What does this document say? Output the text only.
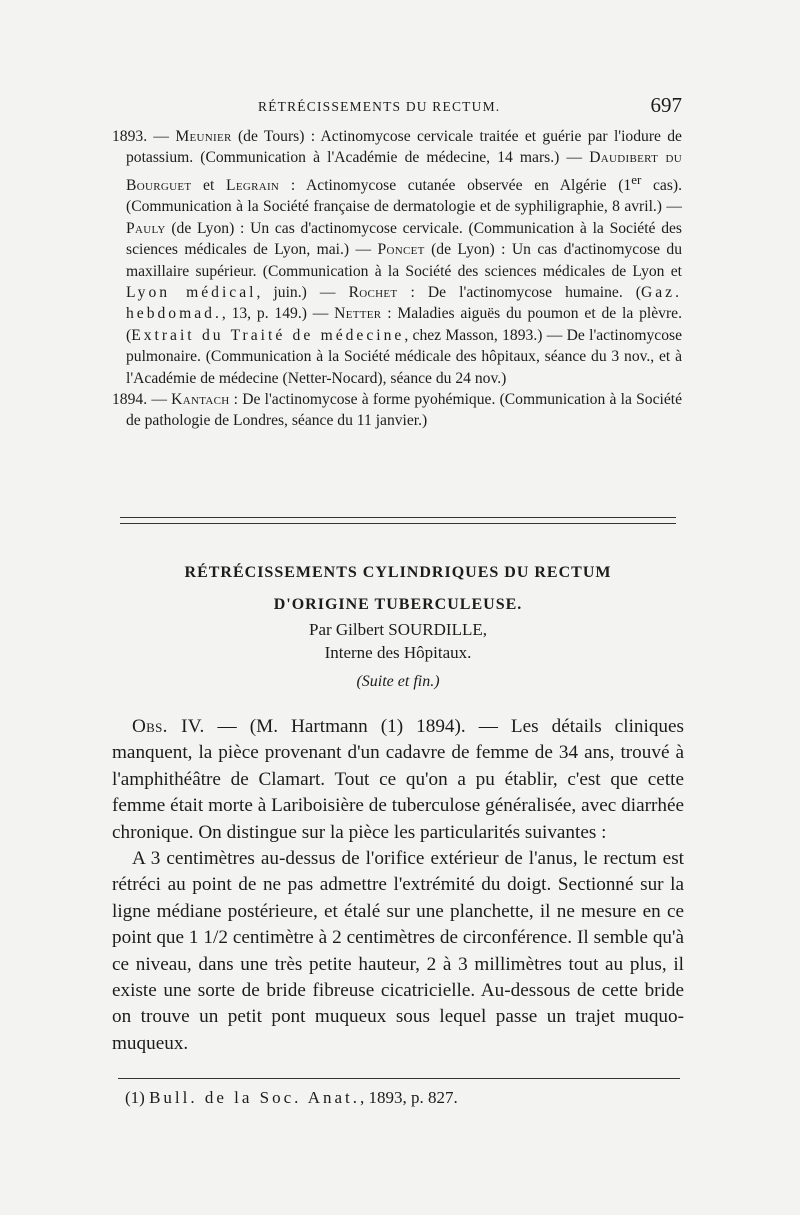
RÉTRÉCISSEMENTS DU RECTUM.	697

1893. — Meunier (de Tours) : Actinomycose cervicale traitée et guérie par l'iodure de potassium. (Communication à l'Académie de médecine, 14 mars.) — Daudibert du Bourguet et Legrain : Actinomycose cutanée observée en Algérie (1er cas). (Communication à la Société française de dermatologie et de syphiligraphie, 8 avril.) — Pauly (de Lyon) : Un cas d'actinomycose cervicale. (Communication à la Société des sciences médicales de Lyon, mai.) — Poncet (de Lyon) : Un cas d'actinomycose du maxillaire supérieur. (Communication à la Société des sciences médicales de Lyon et Lyon médical, juin.) — Rochet : De l'actinomycose humaine. (Gaz. hebdomad., 13, p. 149.) — Netter : Maladies aiguës du poumon et de la plèvre. (Extrait du Traité de médecine, chez Masson, 1893.) — De l'actinomycose pulmonaire. (Communication à la Société médicale des hôpitaux, séance du 3 nov., et à l'Académie de médecine (Netter-Nocard), séance du 24 nov.)

1894. — Kantach : De l'actinomycose à forme pyohémique. (Communication à la Société de pathologie de Londres, séance du 11 janvier.)

RÉTRÉCISSEMENTS CYLINDRIQUES DU RECTUM

D'ORIGINE TUBERCULEUSE.

Par Gilbert SOURDILLE,

Interne des Hôpitaux.

(Suite et fin.)

Obs. IV. — (M. Hartmann (1) 1894). — Les détails cliniques manquent, la pièce provenant d'un cadavre de femme de 34 ans, trouvé à l'amphithéâtre de Clamart. Tout ce qu'on a pu établir, c'est que cette femme était morte à Lariboisière de tuberculose généralisée, avec diarrhée chronique. On distingue sur la pièce les particularités suivantes :

A 3 centimètres au-dessus de l'orifice extérieur de l'anus, le rectum est rétréci au point de ne pas admettre l'extrémité du doigt. Sectionné sur la ligne médiane postérieure, et étalé sur une planchette, il ne mesure en ce point que 1 1/2 centimètre à 2 centimètres de circonférence. Il semble qu'à ce niveau, dans une très petite hauteur, 2 à 3 millimètres tout au plus, il existe une sorte de bride fibreuse cicatricielle. Au-dessous de cette bride on trouve un petit pont muqueux sous lequel passe un trajet muquo-muqueux.

(1) Bull. de la Soc. Anat., 1893, p. 827.
